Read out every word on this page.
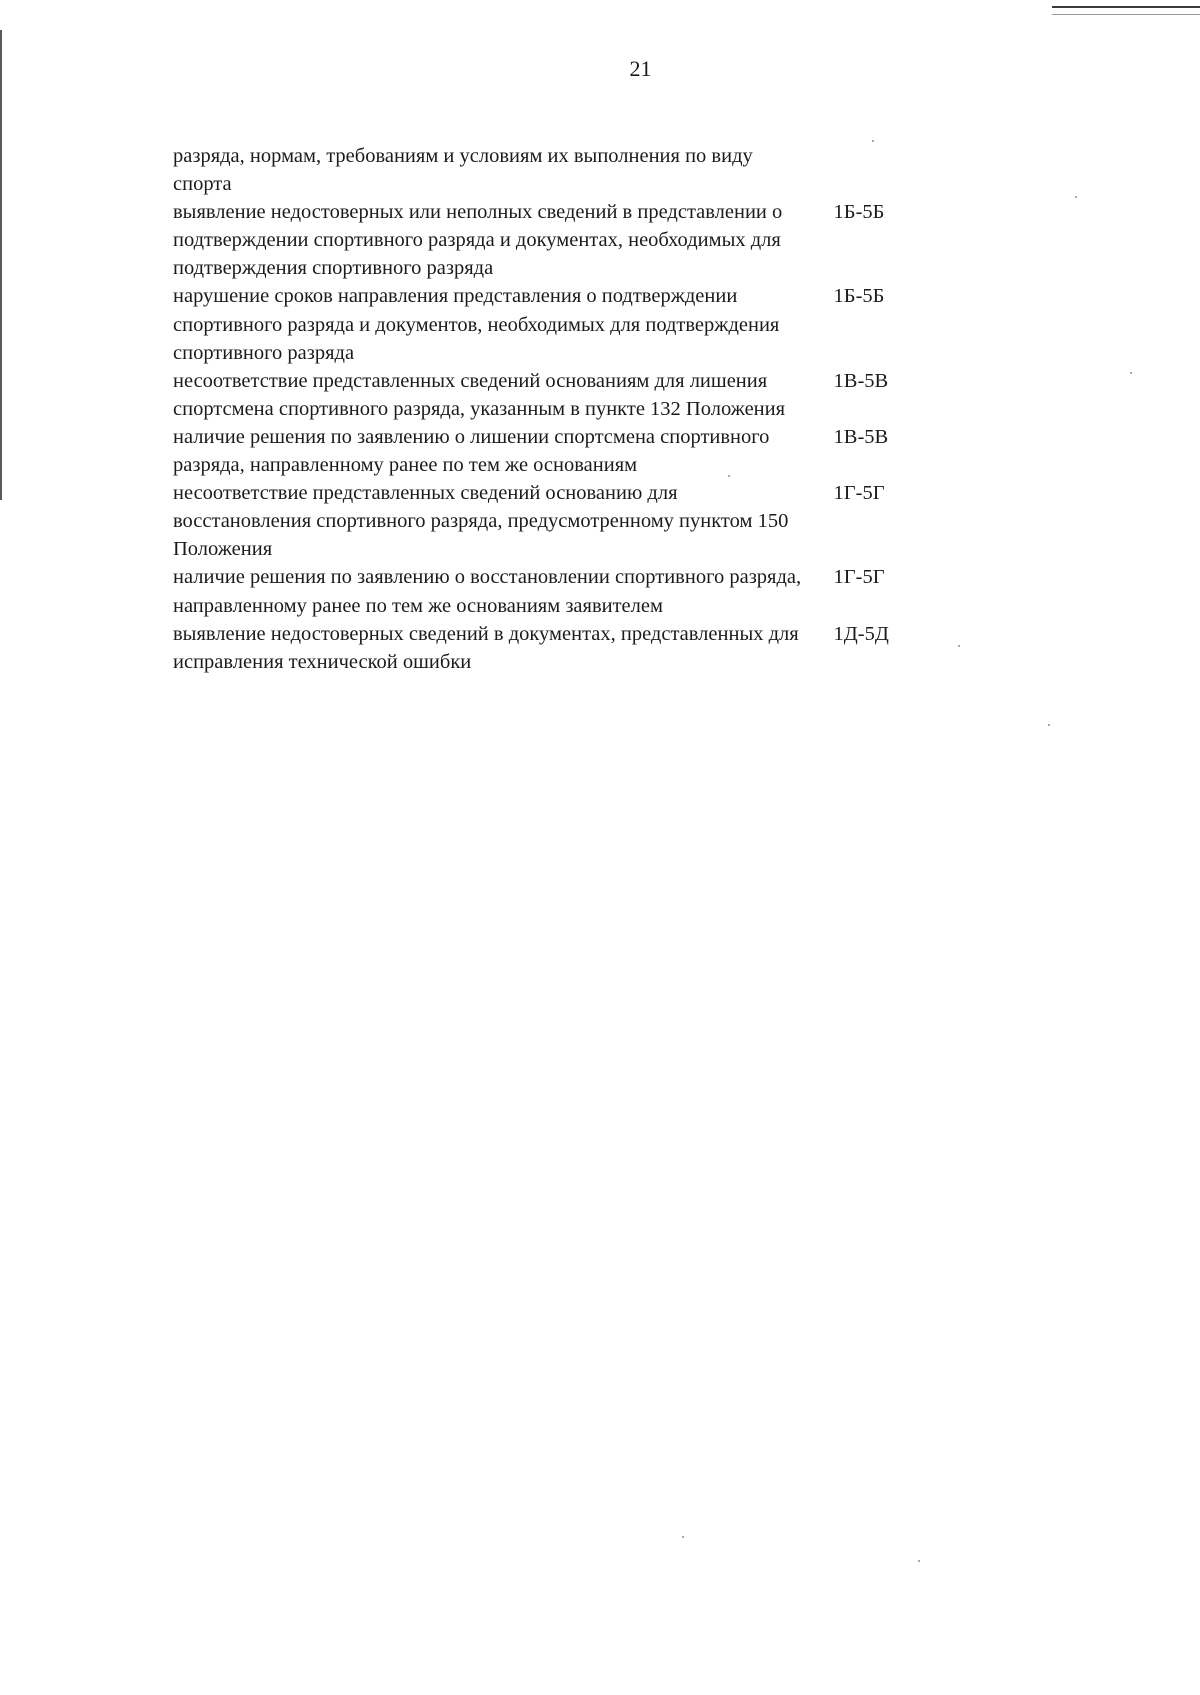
21
разряда, нормам, требованиям и условиям их выполнения по виду спорта
выявление недостоверных или неполных сведений в представлении о подтверждении спортивного разряда и документах, необходимых для подтверждения спортивного разряда
1Б-5Б
нарушение сроков направления представления о подтверждении спортивного разряда и документов, необходимых для подтверждения спортивного разряда
1Б-5Б
несоответствие представленных сведений основаниям для лишения спортсмена спортивного разряда, указанным в пункте 132 Положения
1В-5В
наличие решения по заявлению о лишении спортсмена спортивного разряда, направленному ранее по тем же основаниям
1В-5В
несоответствие представленных сведений основанию для восстановления спортивного разряда, предусмотренному пунктом 150 Положения
1Г-5Г
наличие решения по заявлению о восстановлении спортивного разряда, направленному ранее по тем же основаниям заявителем
1Г-5Г
выявление недостоверных сведений в документах, представленных для исправления технической ошибки
1Д-5Д
